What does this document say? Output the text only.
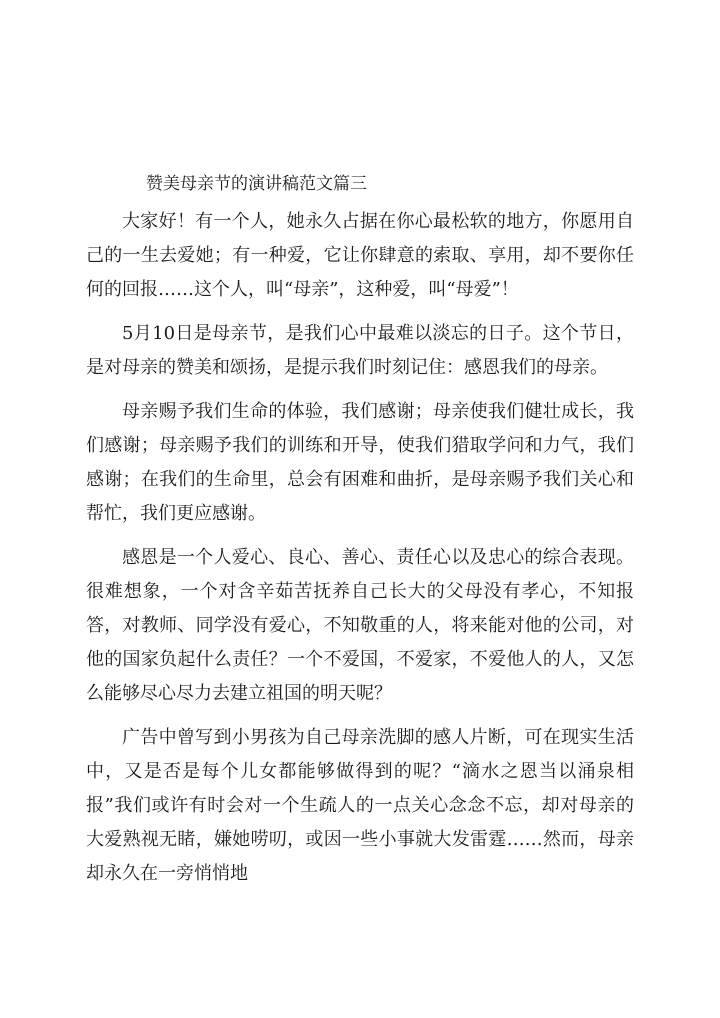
赞美母亲节的演讲稿范文篇三

大家好！有一个人，她永久占据在你心最松软的地方，你愿用自己的一生去爱她；有一种爱，它让你肆意的索取、享用，却不要你任何的回报……这个人，叫“母亲”，这种爱，叫“母爱”！

5月10日是母亲节，是我们心中最难以淡忘的日子。这个节日，是对母亲的赞美和颂扬，是提示我们时刻记住：感恩我们的母亲。

母亲赐予我们生命的体验，我们感谢；母亲使我们健壮成长，我们感谢；母亲赐予我们的训练和开导，使我们猎取学问和力气，我们感谢；在我们的生命里，总会有困难和曲折，是母亲赐予我们关心和帮忙，我们更应感谢。

感恩是一个人爱心、良心、善心、责任心以及忠心的综合表现。很难想象，一个对含辛茹苦抚养自己长大的父母没有孝心，不知报答，对教师、同学没有爱心，不知敬重的人，将来能对他的公司，对他的国家负起什么责任？一个不爱国，不爱家，不爱他人的人，又怎么能够尽心尽力去建立祖国的明天呢？

广告中曾写到小男孩为自己母亲洗脚的感人片断，可在现实生活中，又是否是每个儿女都能够做得到的呢？“滴水之恩当以涌泉相报”我们或许有时会对一个生疏人的一点关心念念不忘，却对母亲的大爱熟视无睹，嫌她唠叨，或因一些小事就大发雷霆……然而，母亲却永久在一旁悄悄地
